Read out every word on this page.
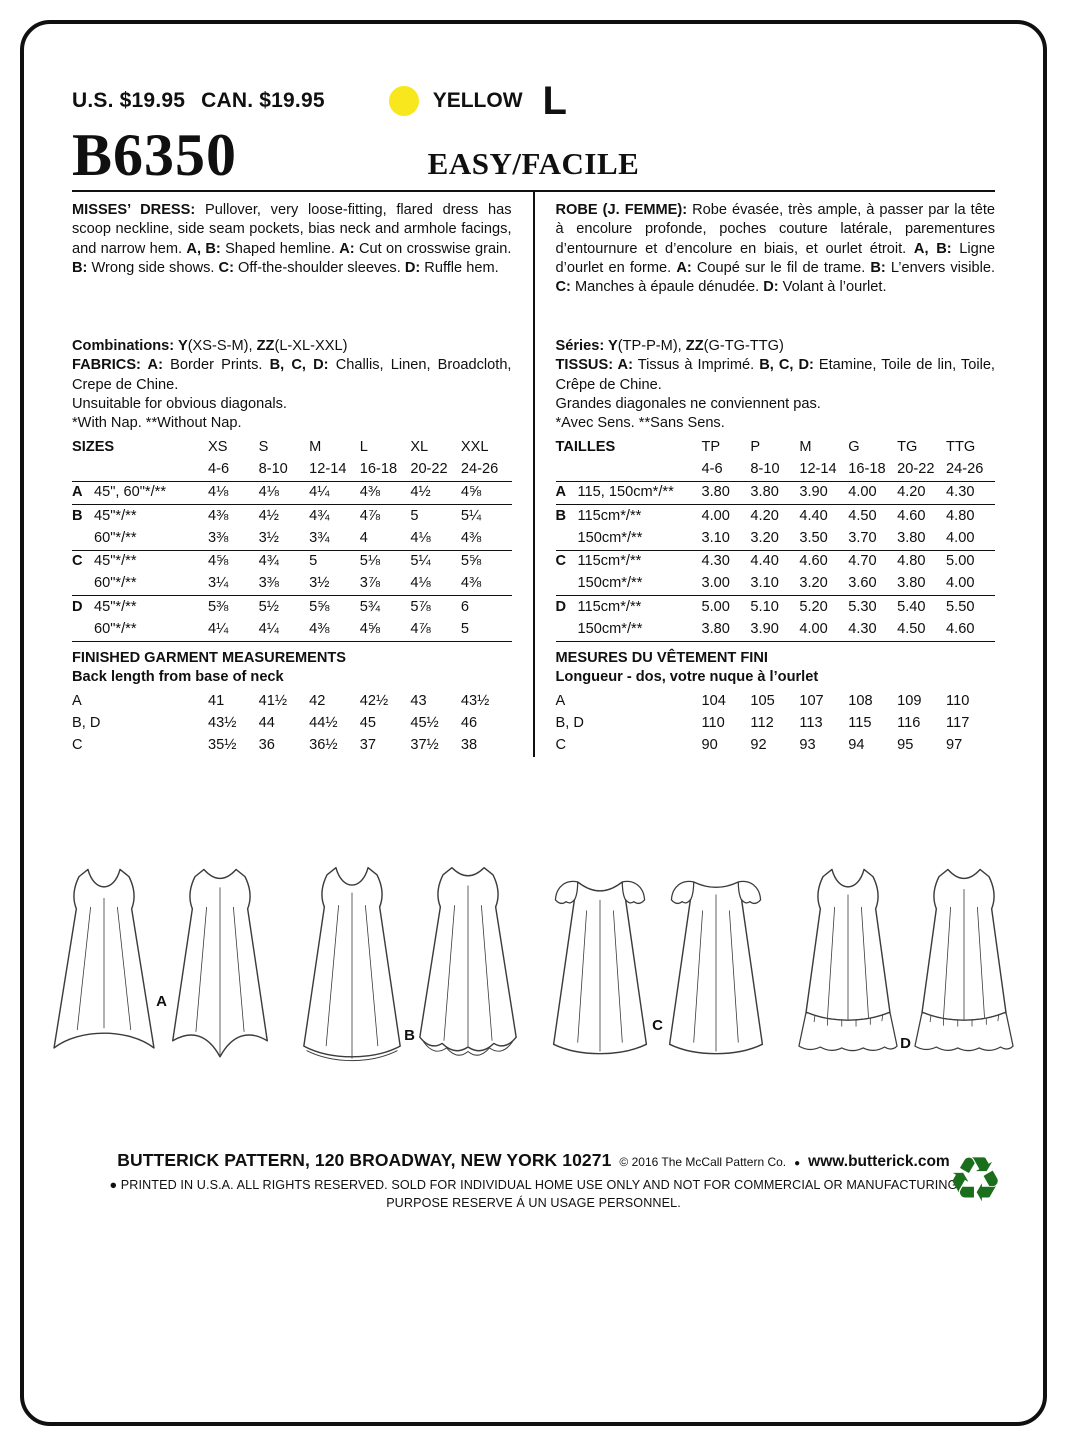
U.S. $19.95 CAN. $19.95	YELLOW L
B6350	EASY/FACILE

MISSES’ DRESS: Pullover, very loose-fitting, flared dress has scoop neckline, side seam pockets, bias neck and armhole facings, and narrow hem. A, B: Shaped hemline. A: Cut on crosswise grain. B: Wrong side shows. C: Off-the-shoulder sleeves. D: Ruffle hem.

Combinations: Y(XS-S-M), ZZ(L-XL-XXL)

FABRICS: A: Border Prints. B, C, D: Challis, Linen, Broadcloth, Crepe de Chine.

Unsuitable for obvious diagonals.

*With Nap. **Without Nap.

SIZES		XS	S	M	L	XL	XXL
		4-6	8-10	12-14	16-18	20-22	24-26
A	45", 60"*/**	4⅛	4⅛	4¼	4⅜	4½	4⅝
B	45"*/**	4⅜	4½	4¾	4⅞	5	5¼
	60"*/**	3⅜	3½	3¾	4	4⅛	4⅜
C	45"*/**	4⅝	4¾	5	5⅛	5¼	5⅝
	60"*/**	3¼	3⅜	3½	3⅞	4⅛	4⅜
D	45"*/**	5⅜	5½	5⅝	5¾	5⅞	6
	60"*/**	4¼	4¼	4⅜	4⅝	4⅞	5

FINISHED GARMENT MEASUREMENTS

Back length from base of neck

A	41	41½	42	42½	43	43½
B, D	43½	44	44½	45	45½	46
C	35½	36	36½	37	37½	38

ROBE (J. FEMME): Robe évasée, très ample, à passer par la tête à encolure profonde, poches couture latérale, parementures d’entournure et d’encolure en biais, et ourlet étroit. A, B: Ligne d’ourlet en forme. A: Coupé sur le fil de trame. B: L’envers visible. C: Manches à épaule dénudée. D: Volant à l’ourlet.

Séries: Y(TP-P-M), ZZ(G-TG-TTG)

TISSUS: A: Tissus à Imprimé. B, C, D: Etamine, Toile de lin, Toile, Crêpe de Chine.

Grandes diagonales ne conviennent pas.

*Avec Sens. **Sans Sens.

TAILLES		TP	P	M	G	TG	TTG
		4-6	8-10	12-14	16-18	20-22	24-26
A	115, 150cm*/**	3.80	3.80	3.90	4.00	4.20	4.30
B	115cm*/**	4.00	4.20	4.40	4.50	4.60	4.80
	150cm*/**	3.10	3.20	3.50	3.70	3.80	4.00
C	115cm*/**	4.30	4.40	4.60	4.70	4.80	5.00
	150cm*/**	3.00	3.10	3.20	3.60	3.80	4.00
D	115cm*/**	5.00	5.10	5.20	5.30	5.40	5.50
	150cm*/**	3.80	3.90	4.00	4.30	4.50	4.60

MESURES DU VÊTEMENT FINI

Longueur - dos, votre nuque à l’ourlet

A	104	105	107	108	109	110
B, D	110	112	113	115	116	117
C	90	92	93	94	95	97
A
B
C
D
BUTTERICK PATTERN, 120 BROADWAY, NEW YORK 10271 © 2016 The McCall Pattern Co. ● www.butterick.com
● PRINTED IN U.S.A. ALL RIGHTS RESERVED. SOLD FOR INDIVIDUAL HOME USE ONLY AND NOT FOR COMMERCIAL OR MANUFACTURING
PURPOSE RESERVE Á UN USAGE PERSONNEL.	♻
